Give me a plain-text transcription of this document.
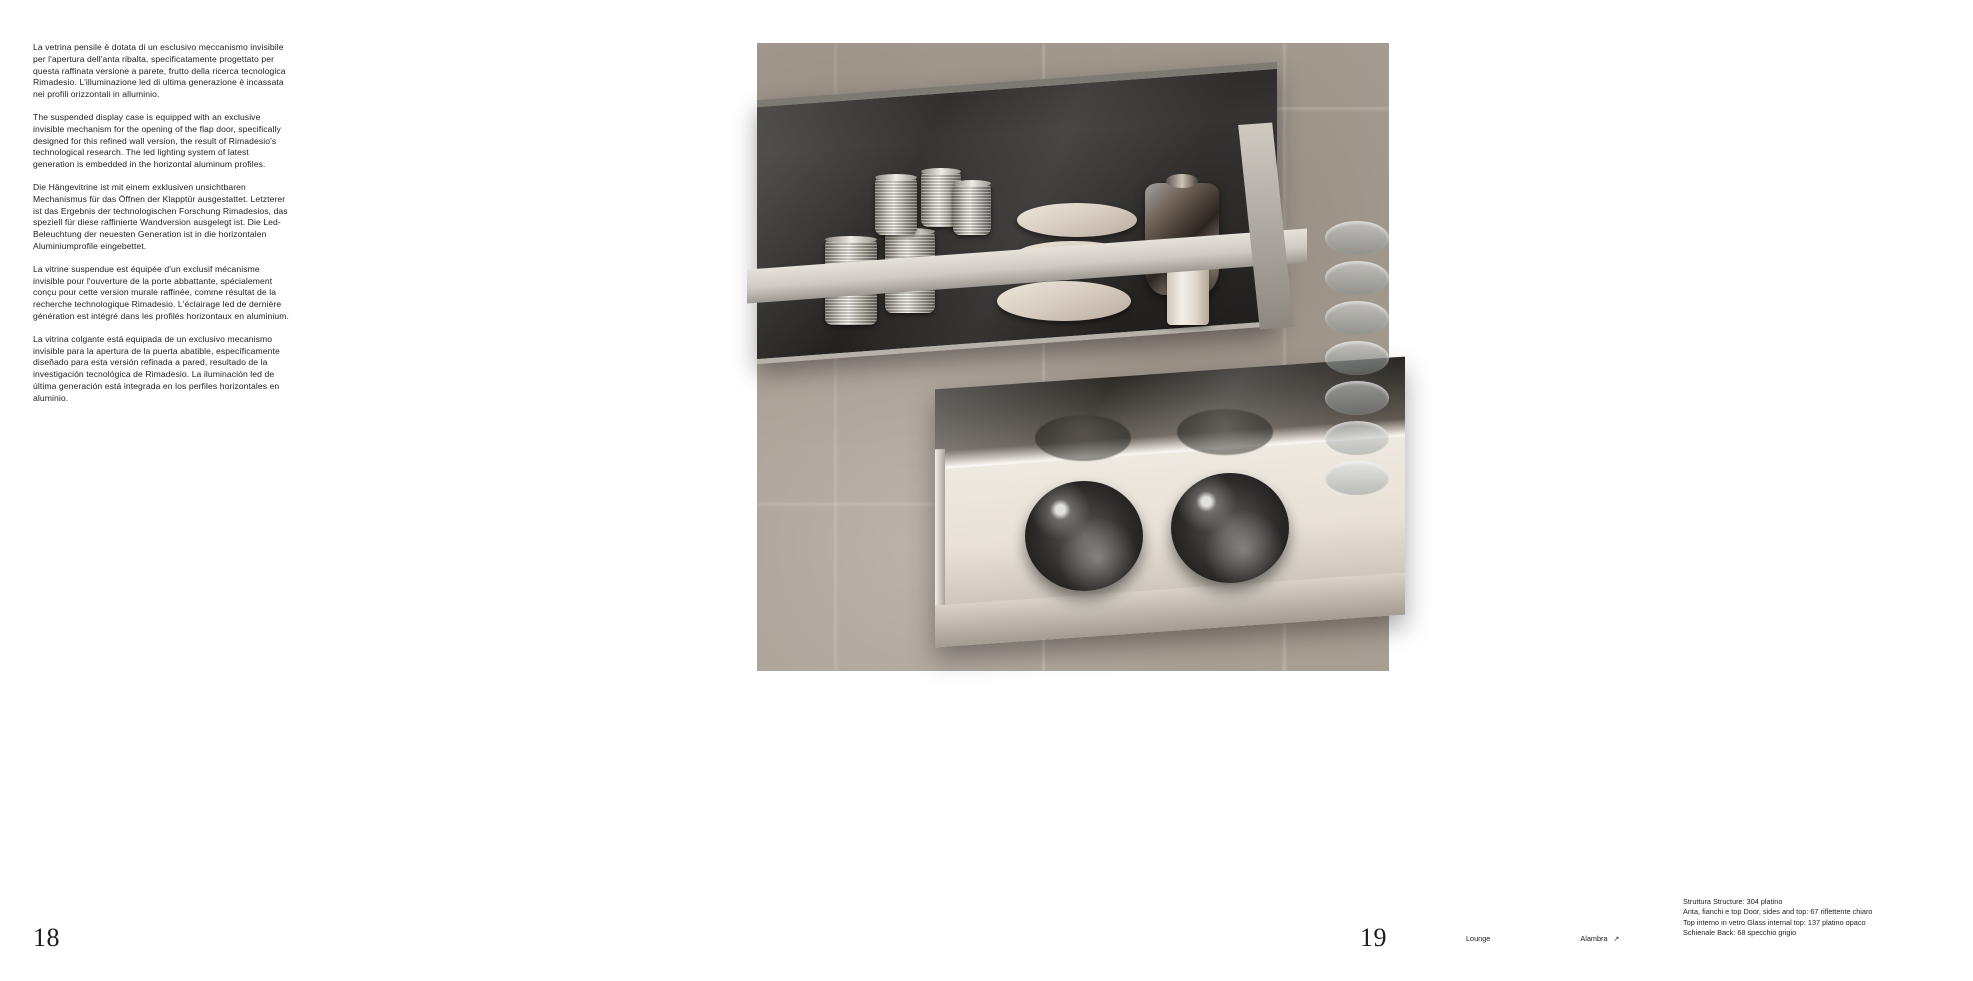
La vetrina pensile è dotata di un esclusivo meccanismo invisibile per l'apertura dell'anta ribalta, specificatamente progettato per questa raffinata versione a parete, frutto della ricerca tecnologica Rimadesio. L'illuminazione led di ultima generazione è incassata nei profili orizzontali in alluminio.

The suspended display case is equipped with an exclusive invisible mechanism for the opening of the flap door, specifically designed for this refined wall version, the result of Rimadesio's technological research. The led lighting system of latest generation is embedded in the horizontal aluminum profiles.

Die Hängevitrine ist mit einem exklusiven unsichtbaren Mechanismus für das Öffnen der Klapptür ausgestattet. Letzterer ist das Ergebnis der technologischen Forschung Rimadesios, das speziell für diese raffinierte Wandversion ausgelegt ist. Die Led-Beleuchtung der neuesten Generation ist in die horizontalen Aluminiumprofile eingebettet.

La vitrine suspendue est équipée d'un exclusif mécanisme invisible pour l'ouverture de la porte abbattante, spécialement conçu pour cette version murale raffinée, comme résultat de la recherche technologique Rimadesio. L'éclairage led de dernière génération est intégré dans les profilés horizontaux en aluminium.

La vitrina colgante está equipada de un exclusivo mecanismo invisible para la apertura de la puerta abatible, específicamente diseñado para esta versión refinada a pared, resultado de la investigación tecnológica de Rimadesio. La iluminación led de última generación está integrada en los perfiles horizontales en aluminio.

18	Lounge	Alambra ↗
Struttura Structure: 304 platino
Anta, fianchi e top Door, sides and top: 67 riflettente chiaro
Top interno in vetro Glass internal top: 137 platino opaco
Schienale Back: 68 specchio grigio
19
